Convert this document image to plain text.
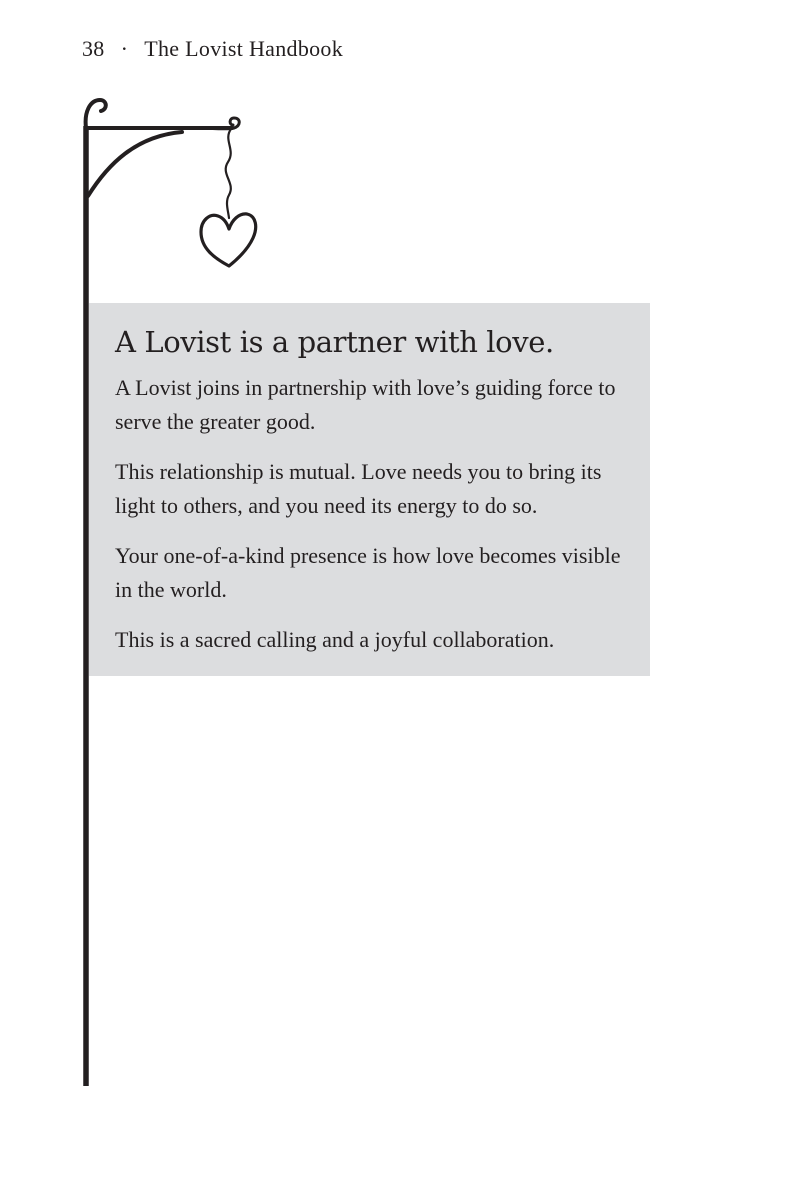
38 · The Lovist Handbook
A Lovist is a partner with love.

A Lovist joins in partnership with love’s guiding force to serve the greater good.

This relationship is mutual. Love needs you to bring its light to others, and you need its energy to do so.

Your one-of-a-kind presence is how love becomes visible in the world.

This is a sacred calling and a joyful collaboration.
